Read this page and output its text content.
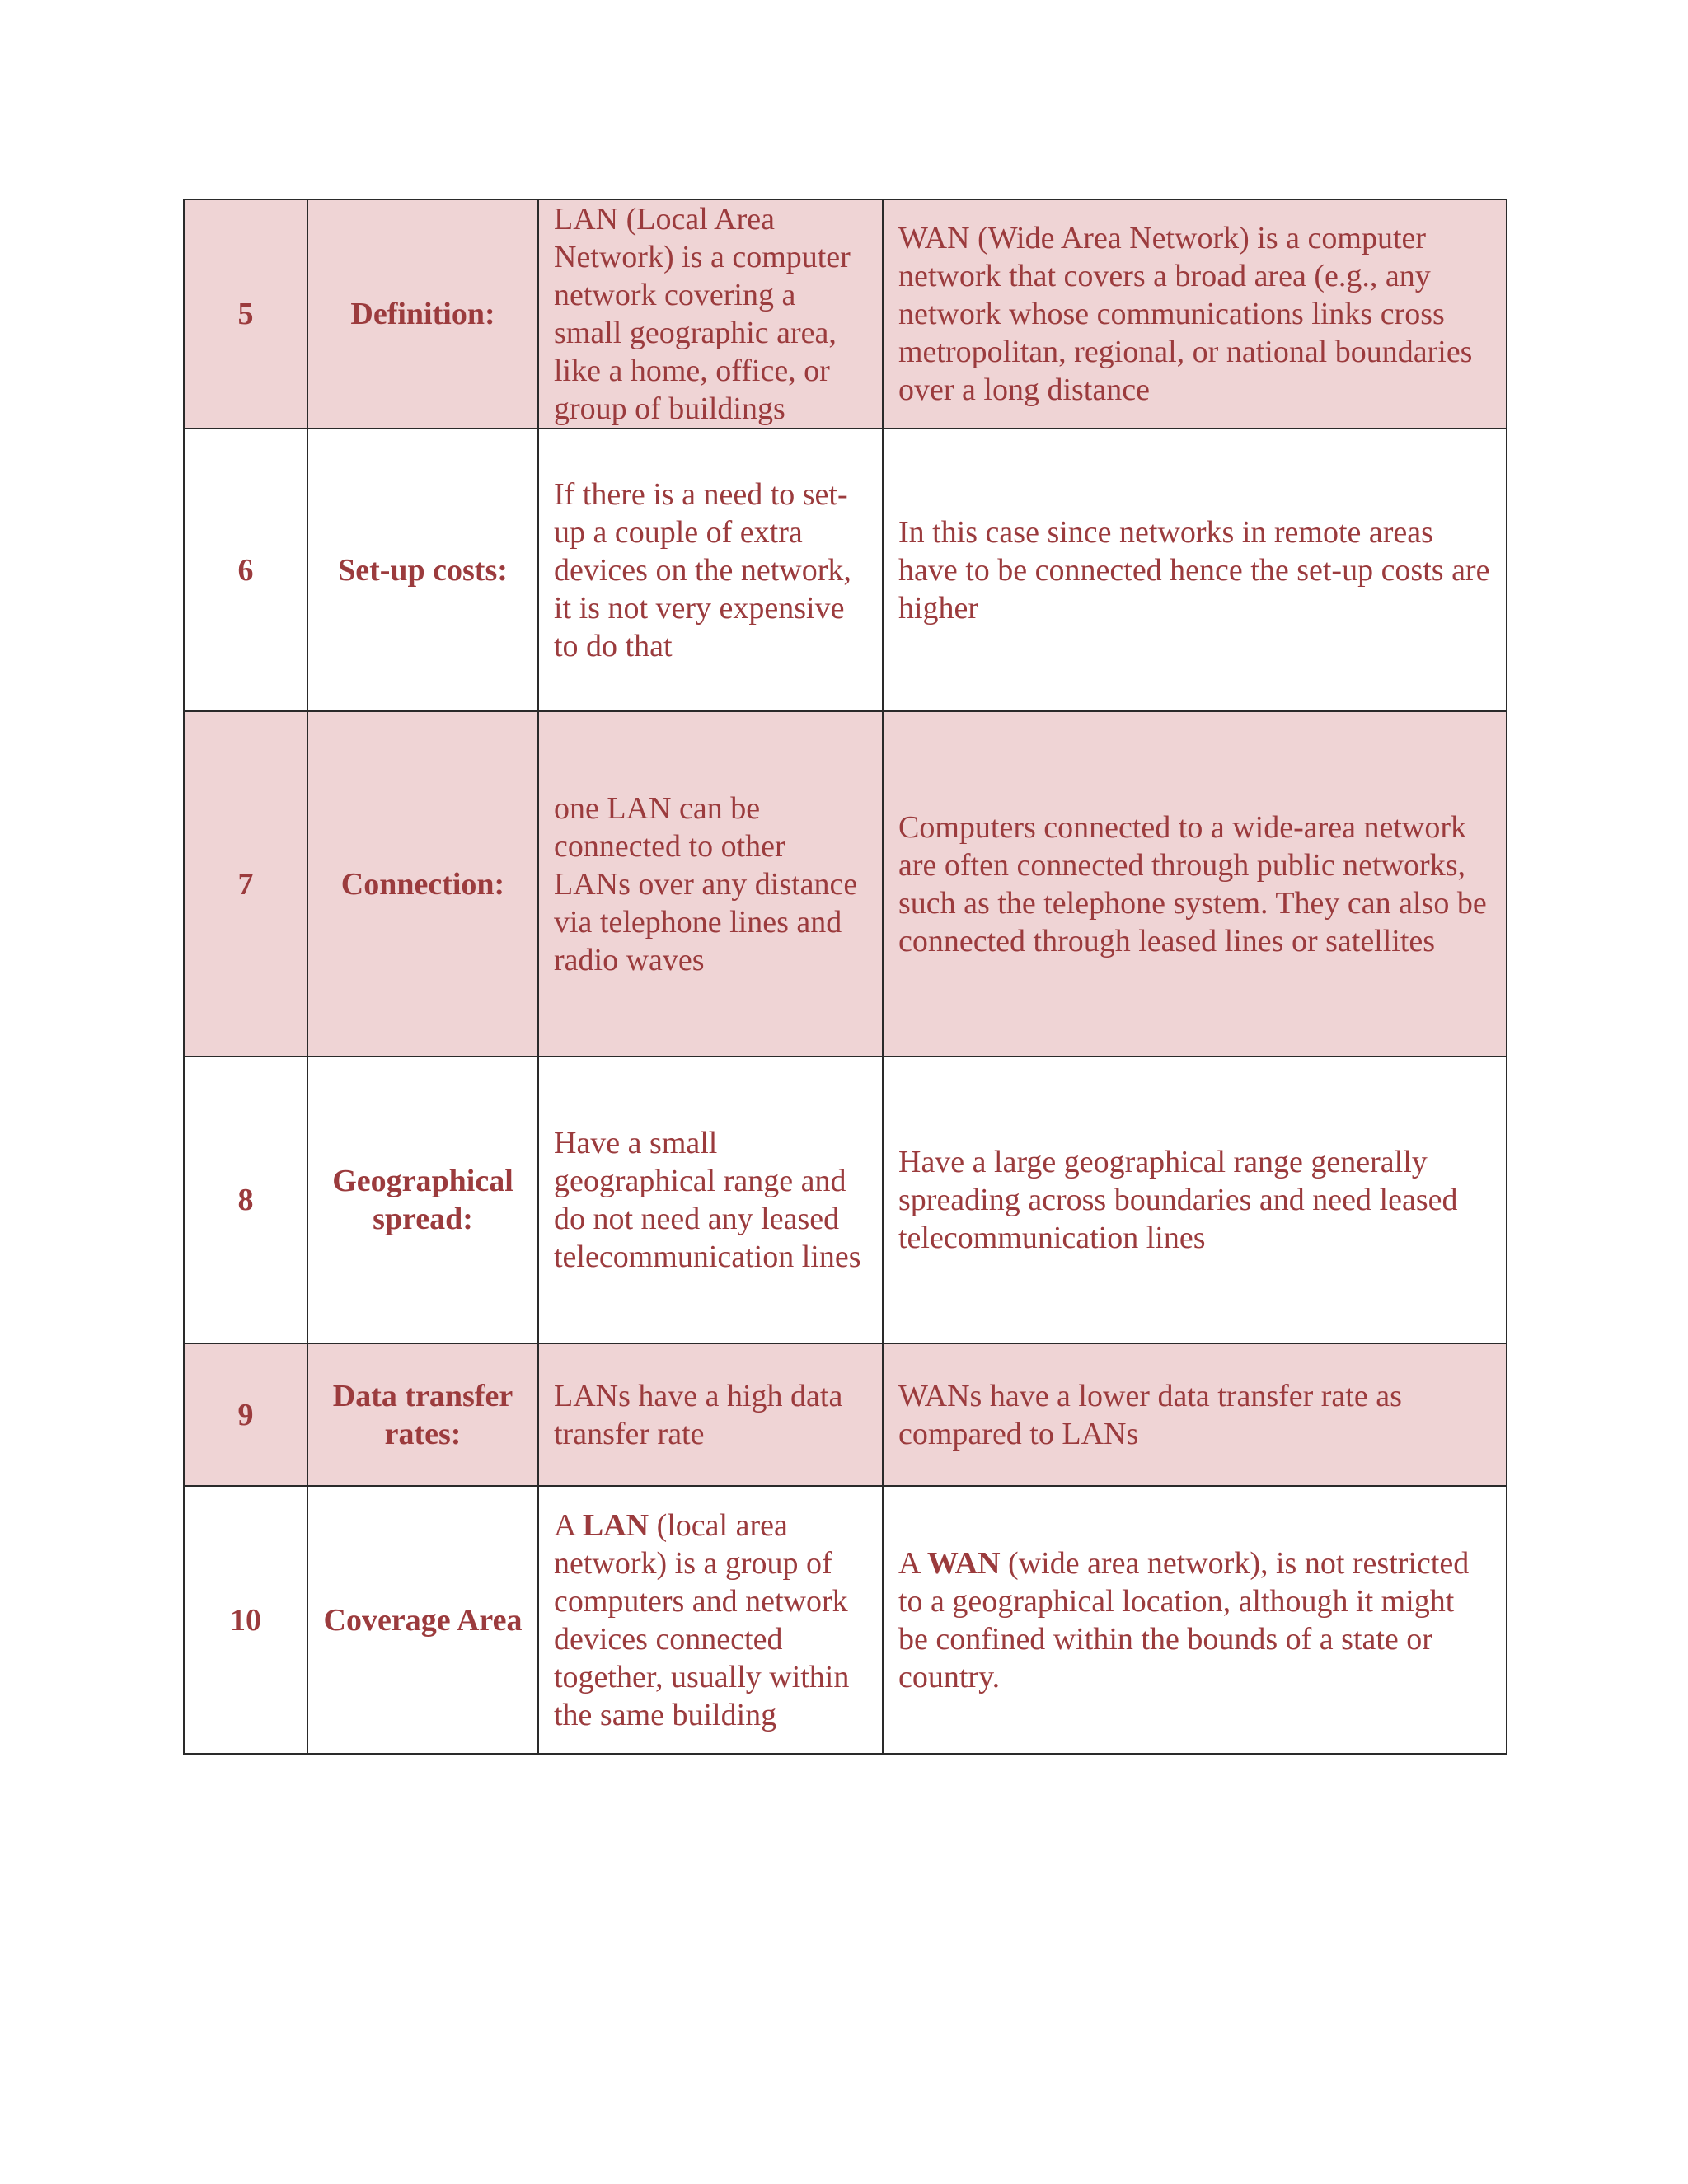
5	Definition:	LAN (Local Area Network) is a computer network covering a small geographic area, like a home, office, or group of buildings	WAN (Wide Area Network) is a computer network that covers a broad area (e.g., any network whose communications links cross metropolitan, regional, or national boundaries over a long distance
6	Set-up costs:	If there is a need to set-up a couple of extra devices on the network, it is not very expensive to do that	In this case since networks in remote areas have to be connected hence the set-up costs are higher
7	Connection:	one LAN can be connected to other LANs over any distance via telephone lines and radio waves	Computers connected to a wide-area network are often connected through public networks, such as the telephone system. They can also be connected through leased lines or satellites
8	Geographical spread:	Have a small geographical range and do not need any leased telecommunication lines	Have a large geographical range generally spreading across boundaries and need leased telecommunication lines
9	Data transfer rates:	LANs have a high data transfer rate	WANs have a lower data transfer rate as compared to LANs
10	Coverage Area	A LAN (local area network) is a group of computers and network devices connected together, usually within the same building	A WAN (wide area network), is not restricted to a geographical location, although it might be confined within the bounds of a state or country.
